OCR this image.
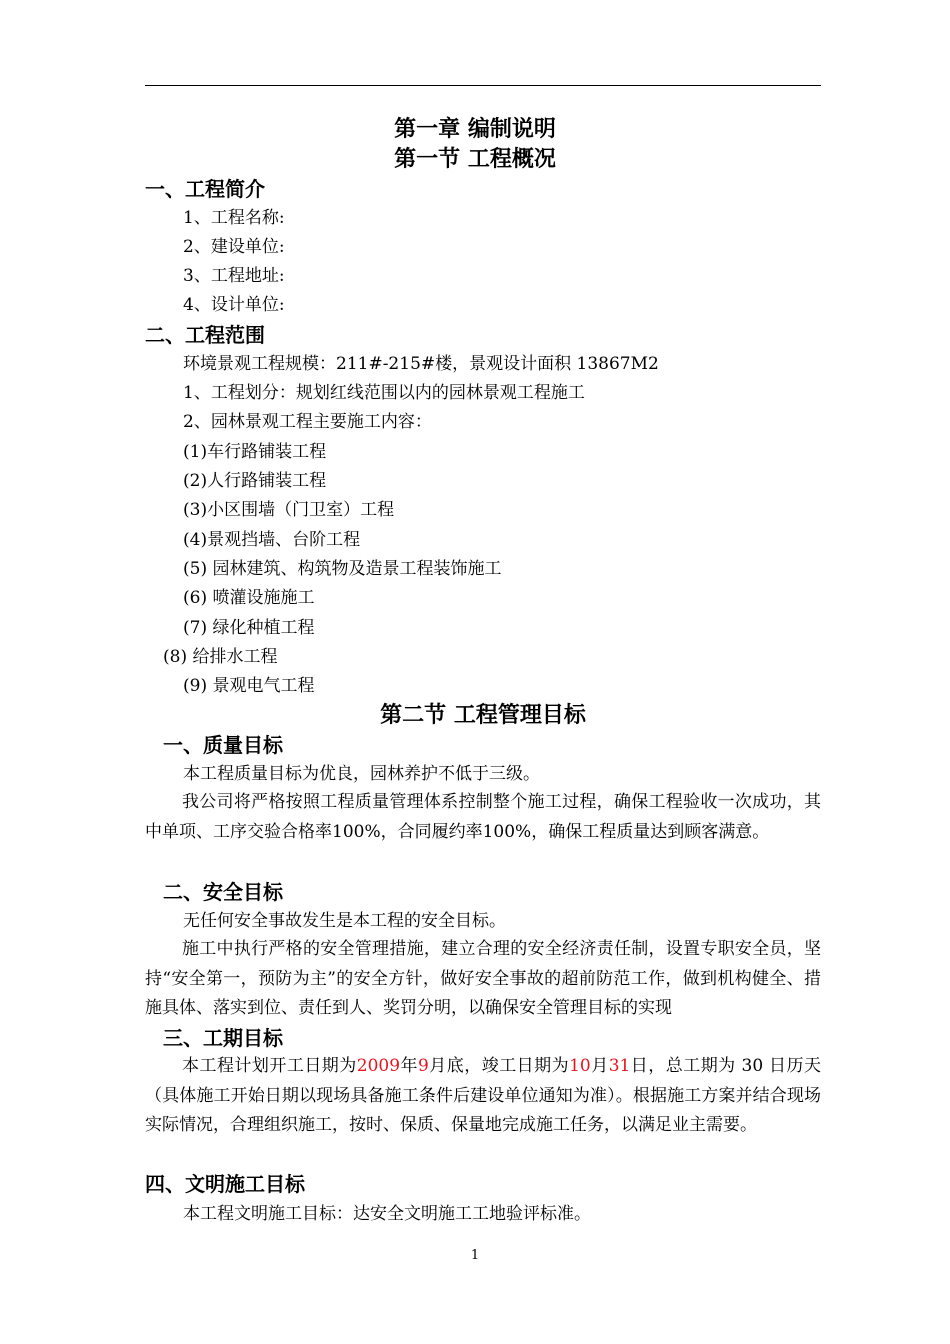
第一章 编制说明
第一节 工程概况
一、工程简介
1、工程名称:
2、建设单位:
3、工程地址:
4、设计单位:
二、工程范围
环境景观工程规模：211#-215#楼，景观设计面积 13867M2
1、工程划分：规划红线范围以内的园林景观工程施工
2、园林景观工程主要施工内容：
(1)车行路铺装工程
(2)人行路铺装工程
(3)小区围墙（门卫室）工程
(4)景观挡墙、台阶工程
(5) 园林建筑、构筑物及造景工程装饰施工
(6) 喷灌设施施工
(7) 绿化种植工程
(8) 给排水工程
(9) 景观电气工程
第二节 工程管理目标
一、质量目标
本工程质量目标为优良，园林养护不低于三级。
我公司将严格按照工程质量管理体系控制整个施工过程，确保工程验收一次成功，其中单项、工序交验合格率100%，合同履约率100%，确保工程质量达到顾客满意。
二、安全目标
无任何安全事故发生是本工程的安全目标。
施工中执行严格的安全管理措施，建立合理的安全经济责任制，设置专职安全员，坚持“安全第一，预防为主”的安全方针，做好安全事故的超前防范工作，做到机构健全、措施具体、落实到位、责任到人、奖罚分明，以确保安全管理目标的实现
三、工期目标
本工程计划开工日期为2009年9月底，竣工日期为10月31日，总工期为 30 日历天（具体施工开始日期以现场具备施工条件后建设单位通知为准）。根据施工方案并结合现场实际情况，合理组织施工，按时、保质、保量地完成施工任务，以满足业主需要。
四、文明施工目标
本工程文明施工目标：达安全文明施工工地验评标准。
1
